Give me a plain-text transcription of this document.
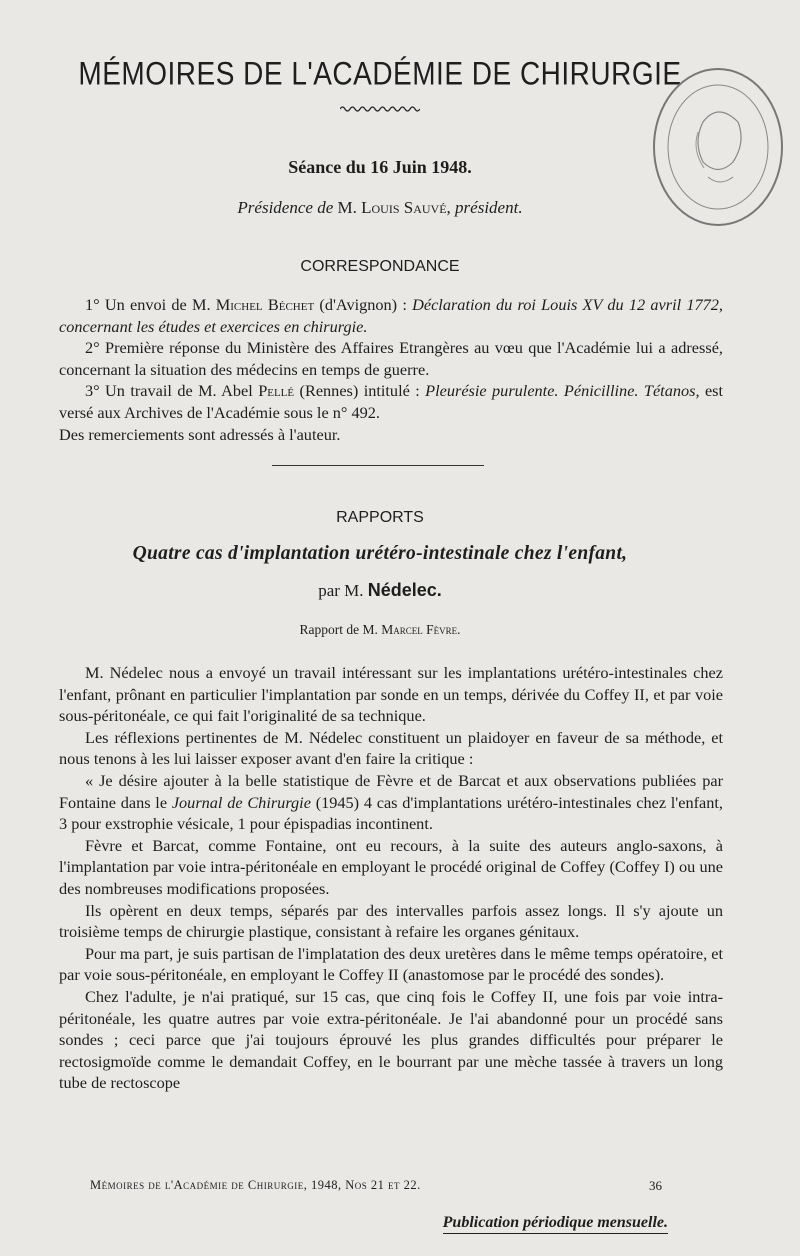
MÉMOIRES DE L'ACADÉMIE DE CHIRURGIE
Séance du 16 Juin 1948.
Présidence de M. Louis Sauvé, président.
CORRESPONDANCE

1° Un envoi de M. Michel Béchet (d'Avignon) : Déclaration du roi Louis XV du 12 avril 1772, concernant les études et exercices en chirurgie.

2° Première réponse du Ministère des Affaires Etrangères au vœu que l'Académie lui a adressé, concernant la situation des médecins en temps de guerre.

3° Un travail de M. Abel Pellé (Rennes) intitulé : Pleurésie purulente. Pénicilline. Tétanos, est versé aux Archives de l'Académie sous le n° 492.

Des remerciements sont adressés à l'auteur.

RAPPORTS
Quatre cas d'implantation urétéro-intestinale chez l'enfant,
par M. Nédelec.
Rapport de M. Marcel Fèvre.

M. Nédelec nous a envoyé un travail intéressant sur les implantations urétéro-intestinales chez l'enfant, prônant en particulier l'implantation par sonde en un temps, dérivée du Coffey II, et par voie sous-péritonéale, ce qui fait l'originalité de sa technique.

Les réflexions pertinentes de M. Nédelec constituent un plaidoyer en faveur de sa méthode, et nous tenons à les lui laisser exposer avant d'en faire la critique :

« Je désire ajouter à la belle statistique de Fèvre et de Barcat et aux observations publiées par Fontaine dans le Journal de Chirurgie (1945) 4 cas d'implantations urétéro-intestinales chez l'enfant, 3 pour exstrophie vésicale, 1 pour épispadias incontinent.

Fèvre et Barcat, comme Fontaine, ont eu recours, à la suite des auteurs anglo-saxons, à l'implantation par voie intra-péritonéale en employant le procédé original de Coffey (Coffey I) ou une des nombreuses modifications proposées.

Ils opèrent en deux temps, séparés par des intervalles parfois assez longs. Il s'y ajoute un troisième temps de chirurgie plastique, consistant à refaire les organes génitaux.

Pour ma part, je suis partisan de l'implatation des deux uretères dans le même temps opératoire, et par voie sous-péritonéale, en employant le Coffey II (anastomose par le procédé des sondes).

Chez l'adulte, je n'ai pratiqué, sur 15 cas, que cinq fois le Coffey II, une fois par voie intra-péritonéale, les quatre autres par voie extra-péritonéale. Je l'ai abandonné pour un procédé sans sondes ; ceci parce que j'ai toujours éprouvé les plus grandes difficultés pour préparer le rectosigmoïde comme le demandait Coffey, en le bourrant par une mèche tassée à travers un long tube de rectoscope

Mémoires de l'Académie de Chirurgie, 1948, Nos 21 et 22.	36
Publication périodique mensuelle.
